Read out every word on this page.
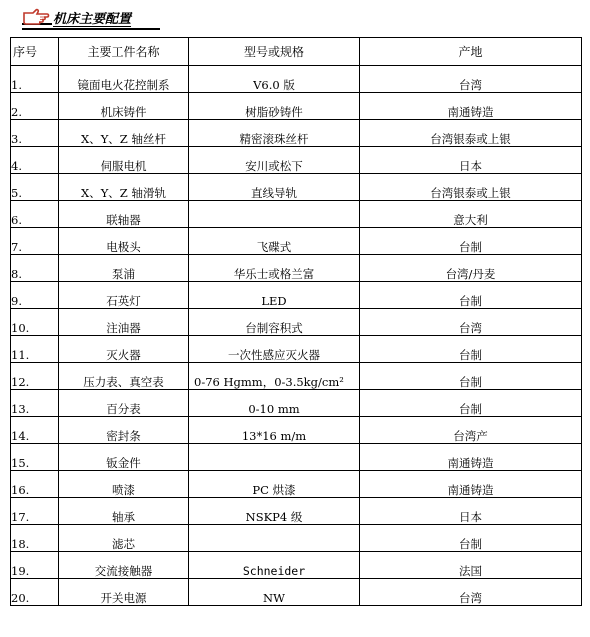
机床主要配置
序号	主要工件名称	型号或规格	产地
1.	镜面电火花控制系	V6.0 版	台湾
2.	机床铸件	树脂砂铸件	南通铸造
3.	X、Y、Z 轴丝杆	精密滚珠丝杆	台湾银泰或上银
4.	伺服电机	安川或松下	日本
5.	X、Y、Z 轴滑轨	直线导轨	台湾银泰或上银
6.	联轴器		意大利
7.	电极头	飞碟式	台制
8.	泵浦	华乐士或格兰富	台湾/丹麦
9.	石英灯	LED	台制
10.	注油器	台制容积式	台湾
11.	灭火器	一次性感应灭火器	台制
12.	压力表、真空表	0-76 Hgmm，0-3.5kg/cm²	台制
13.	百分表	0-10 mm	台制
14.	密封条	13*16 m/m	台湾产
15.	钣金件		南通铸造
16.	喷漆	PC 烘漆	南通铸造
17.	轴承	NSKP4 级	日本
18.	滤芯		台制
19.	交流接触器	Schneider	法国
20.	开关电源	NW	台湾
